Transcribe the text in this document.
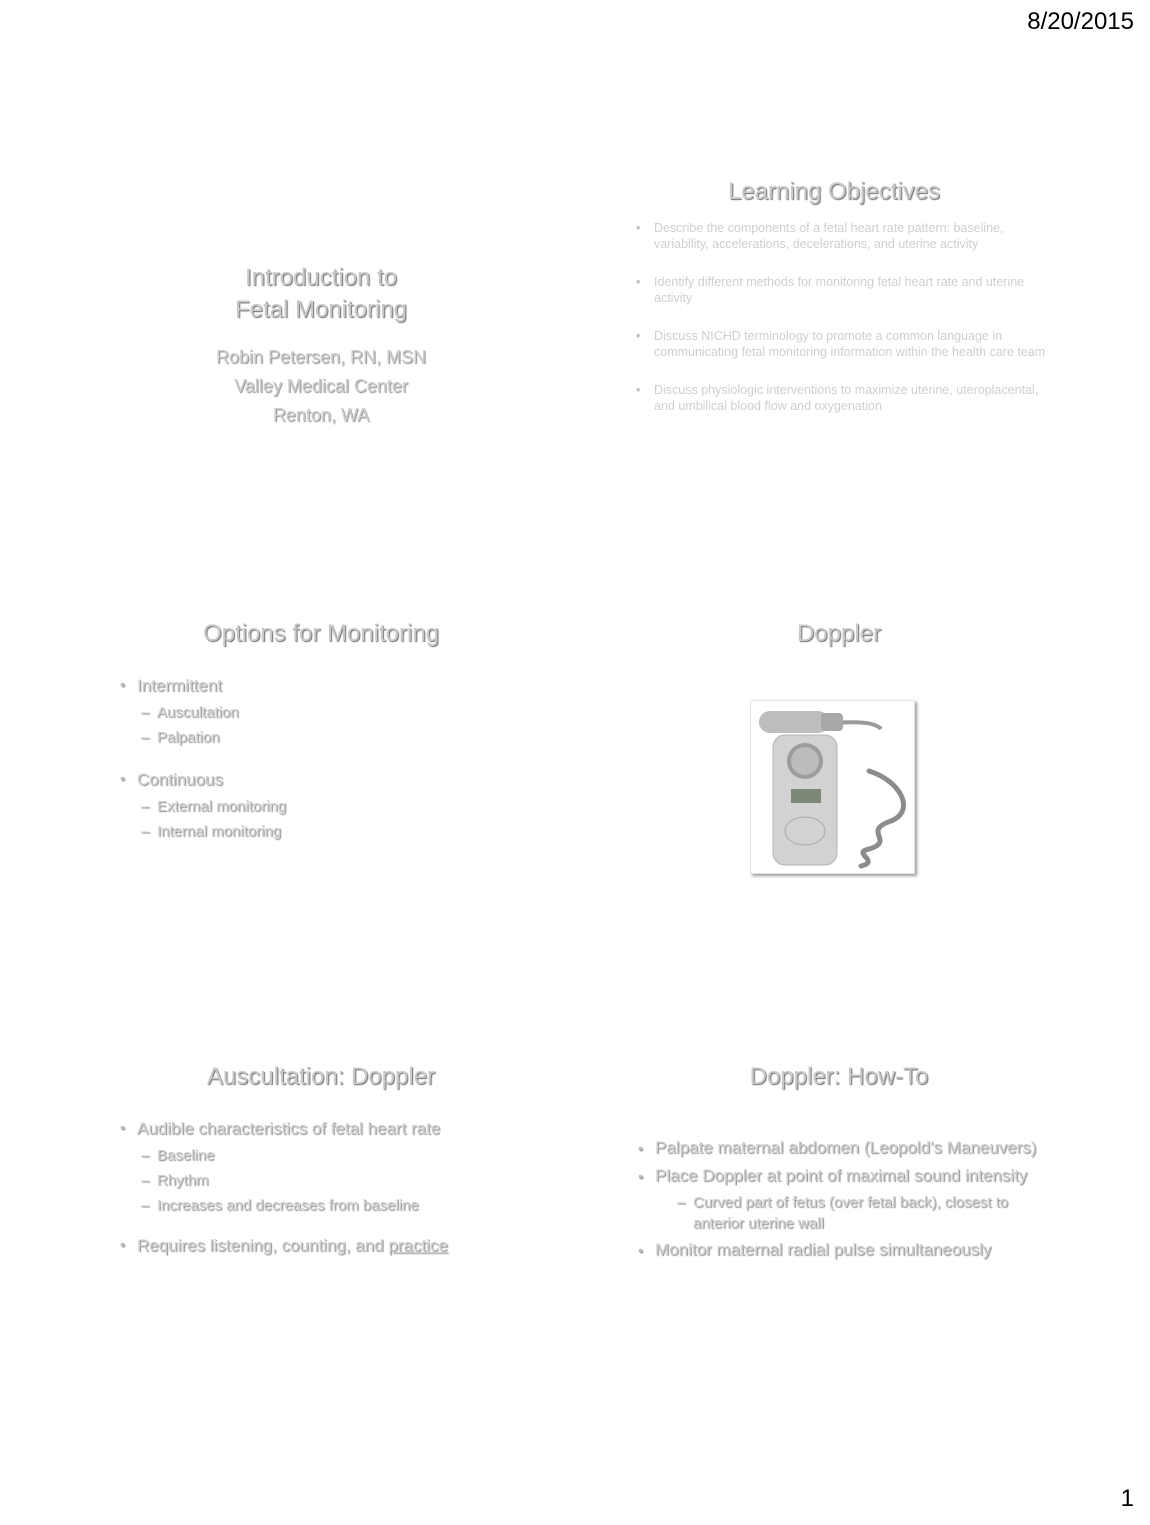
8/20/2015
Introduction to
Fetal Monitoring
Robin Petersen, RN, MSN
Valley Medical Center
Renton, WA
Learning Objectives
• Describe the components of a fetal heart rate pattern: baseline, variability, accelerations, decelerations, and uterine activity
• Identify different methods for monitoring fetal heart rate and uterine activity
• Discuss NICHD terminology to promote a common language in communicating fetal monitoring information within the health care team
• Discuss physiologic interventions to maximize uterine, uteroplacental, and umbilical blood flow and oxygenation
Options for Monitoring
• Intermittent
– Auscultation
– Palpation
• Continuous
– External monitoring
– Internal monitoring
Doppler
Auscultation: Doppler
• Audible characteristics of fetal heart rate
– Baseline
– Rhythm
– Increases and decreases from baseline
• Requires listening, counting, and practice
Doppler: How-To
• Palpate maternal abdomen (Leopold’s Maneuvers)
• Place Doppler at point of maximal sound intensity
– Curved part of fetus (over fetal back), closest to anterior uterine wall
• Monitor maternal radial pulse simultaneously
1
